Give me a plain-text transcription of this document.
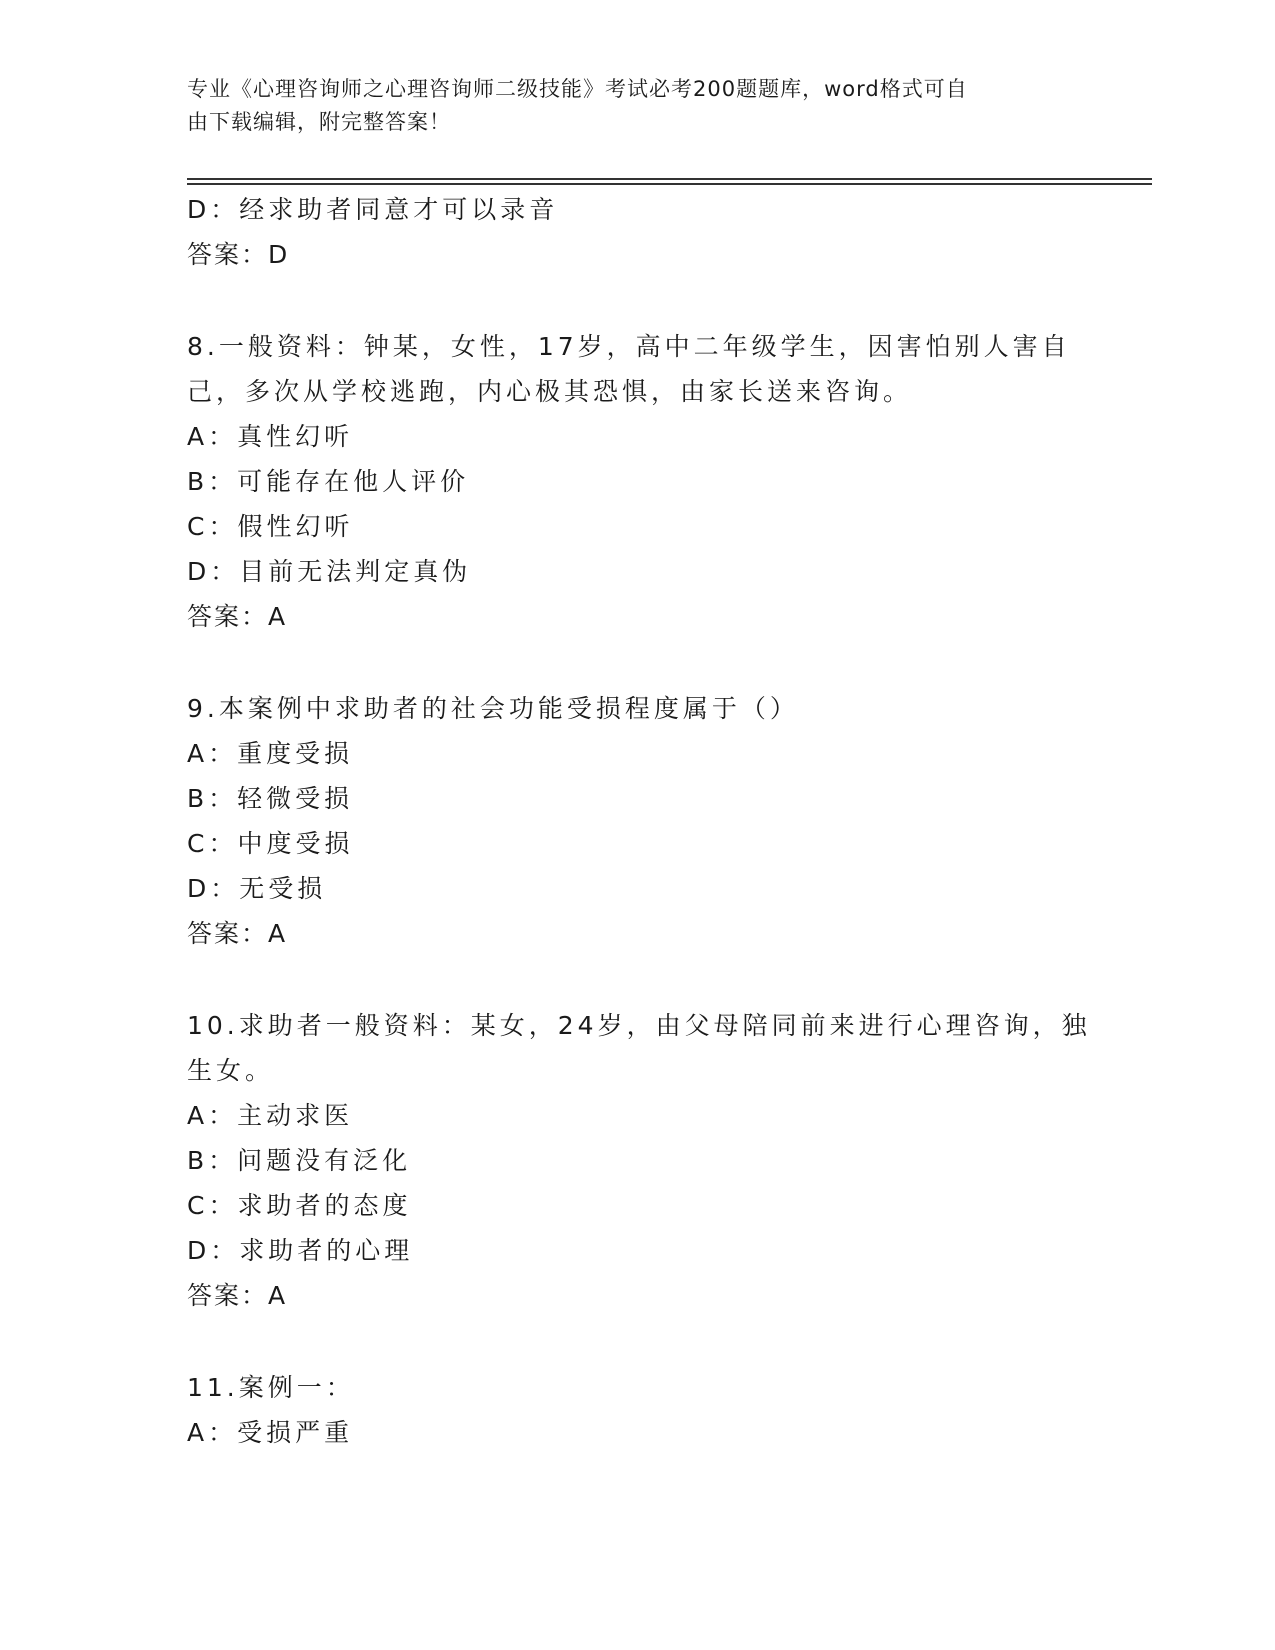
专业《心理咨询师之心理咨询师二级技能》考试必考200题题库，word格式可自
由下载编辑，附完整答案！
D：经求助者同意才可以录音
答案：D
8.一般资料：钟某，女性，17岁，高中二年级学生，因害怕别人害自
己，多次从学校逃跑，内心极其恐惧，由家长送来咨询。
A：真性幻听
B：可能存在他人评价
C：假性幻听
D：目前无法判定真伪
答案：A
9.本案例中求助者的社会功能受损程度属于（）
A：重度受损
B：轻微受损
C：中度受损
D：无受损
答案：A
10.求助者一般资料：某女，24岁，由父母陪同前来进行心理咨询，独
生女。
A：主动求医
B：问题没有泛化
C：求助者的态度
D：求助者的心理
答案：A
11.案例一：
A：受损严重
